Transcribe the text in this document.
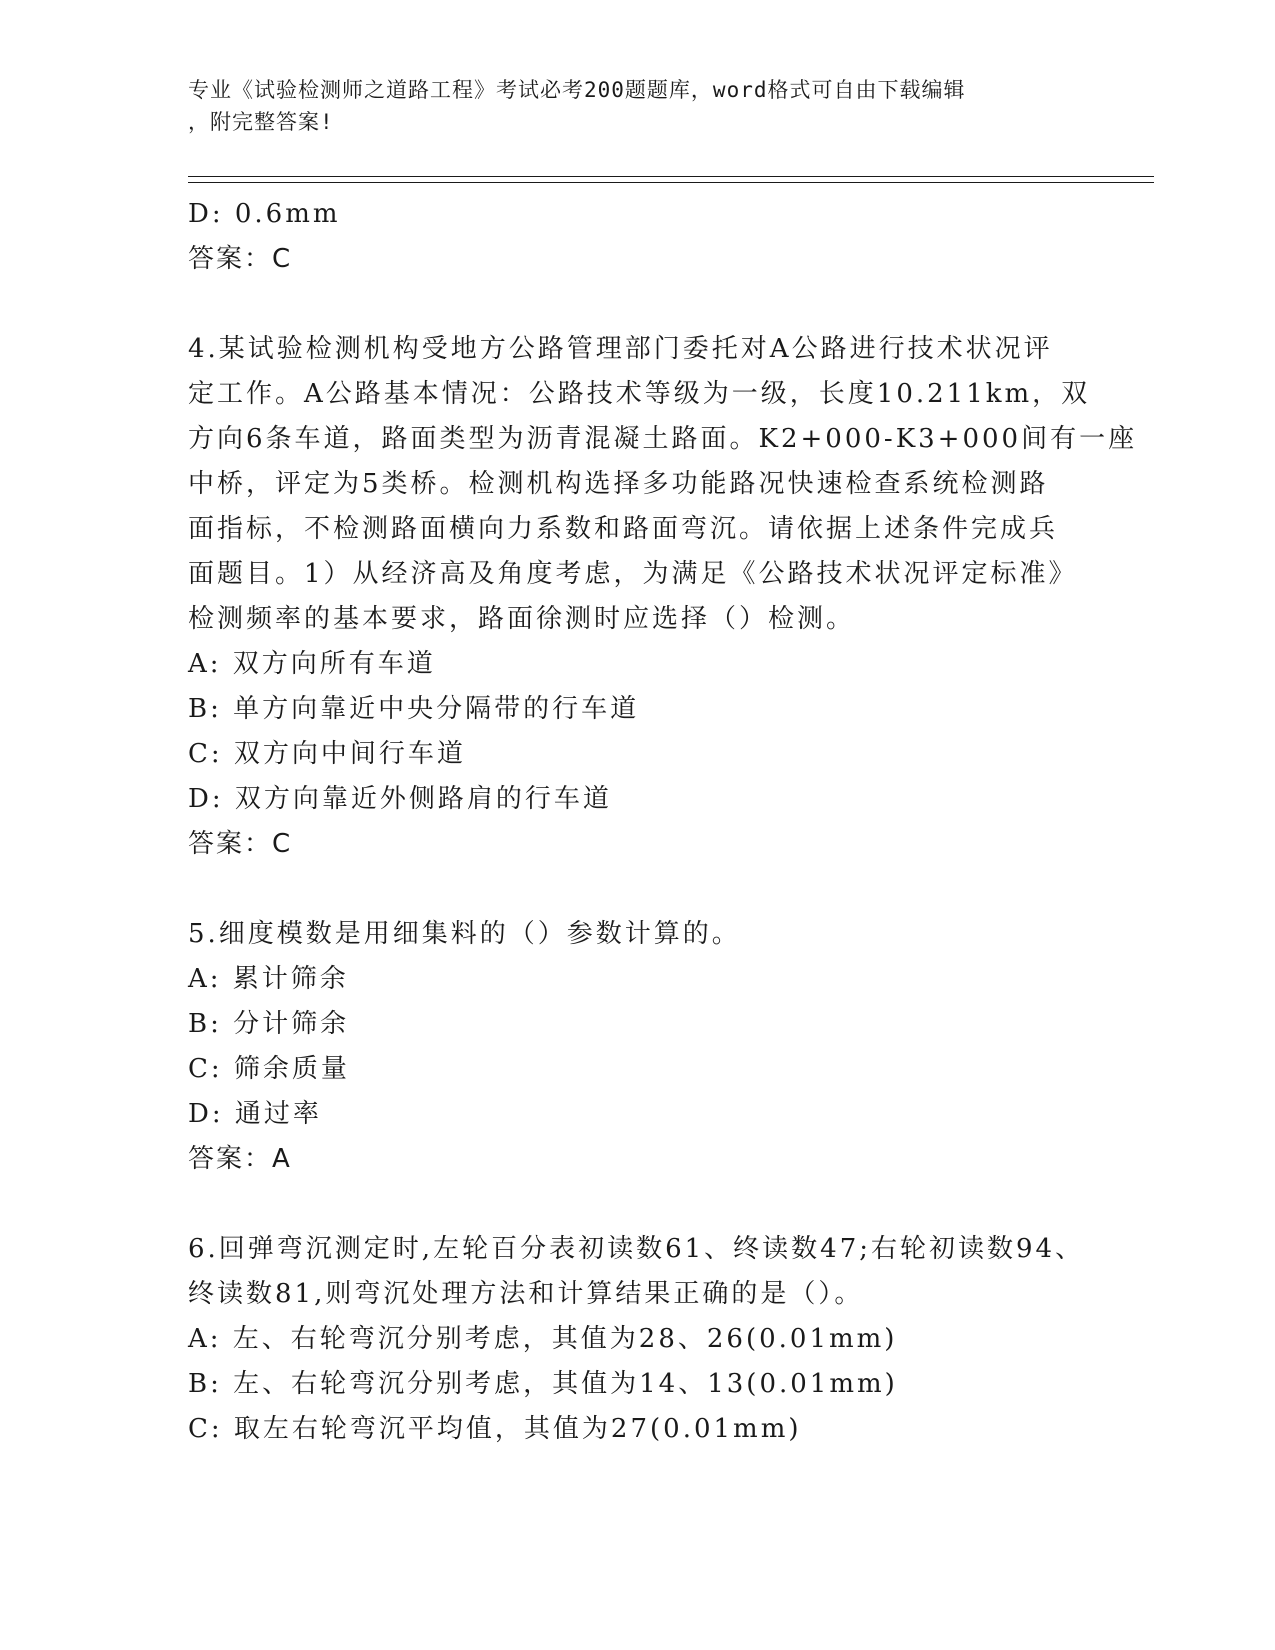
专业《试验检测师之道路工程》考试必考200题题库，word格式可自由下载编辑
，附完整答案!
D: 0.6mm
答案：C
4.某试验检测机构受地方公路管理部门委托对A公路进行技术状况评
定工作。A公路基本情况：公路技术等级为一级，长度10.211km，双
方向6条车道，路面类型为沥青混凝土路面。K2+000-K3+000间有一座
中桥，评定为5类桥。检测机构选择多功能路况快速检查系统检测路
面指标，不检测路面横向力系数和路面弯沉。请依据上述条件完成兵
面题目。1）从经济高及角度考虑，为满足《公路技术状况评定标准》
检测频率的基本要求，路面徐测时应选择（）检测。
A: 双方向所有车道
B: 单方向靠近中央分隔带的行车道
C: 双方向中间行车道
D: 双方向靠近外侧路肩的行车道
答案：C
5.细度模数是用细集料的（）参数计算的。
A: 累计筛余
B: 分计筛余
C: 筛余质量
D: 通过率
答案：A
6.回弹弯沉测定时,左轮百分表初读数61、终读数47;右轮初读数94、
终读数81,则弯沉处理方法和计算结果正确的是（）。
A: 左、右轮弯沉分别考虑，其值为28、26(0.01mm)
B: 左、右轮弯沉分别考虑，其值为14、13(0.01mm)
C: 取左右轮弯沉平均值，其值为27(0.01mm)
